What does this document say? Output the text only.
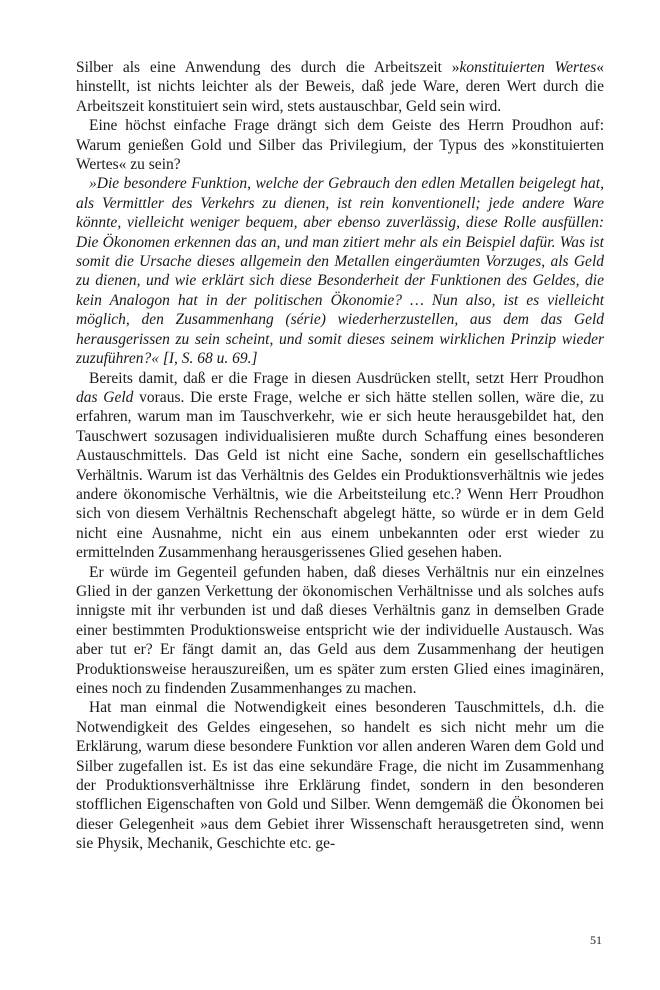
Silber als eine Anwendung des durch die Arbeitszeit »konstituierten Wertes« hinstellt, ist nichts leichter als der Beweis, daß jede Ware, deren Wert durch die Arbeitszeit konstituiert sein wird, stets austauschbar, Geld sein wird.

Eine höchst einfache Frage drängt sich dem Geiste des Herrn Proudhon auf: Warum genießen Gold und Silber das Privilegium, der Typus des »konstituierten Wertes« zu sein?

»Die besondere Funktion, welche der Gebrauch den edlen Metallen beigelegt hat, als Vermittler des Verkehrs zu dienen, ist rein konventionell; jede andere Ware könnte, vielleicht weniger bequem, aber ebenso zuverlässig, diese Rolle ausfüllen: Die Ökonomen erkennen das an, und man zitiert mehr als ein Beispiel dafür. Was ist somit die Ursache dieses allgemein den Metallen eingeräumten Vorzuges, als Geld zu dienen, und wie erklärt sich diese Besonderheit der Funktionen des Geldes, die kein Analogon hat in der politischen Ökonomie? … Nun also, ist es vielleicht möglich, den Zusammenhang (série) wiederherzustellen, aus dem das Geld herausgerissen zu sein scheint, und somit dieses seinem wirklichen Prinzip wieder zuzuführen?« [I, S. 68 u. 69.]

Bereits damit, daß er die Frage in diesen Ausdrücken stellt, setzt Herr Proudhon das Geld voraus. Die erste Frage, welche er sich hätte stellen sollen, wäre die, zu erfahren, warum man im Tauschverkehr, wie er sich heute herausgebildet hat, den Tauschwert sozusagen individualisieren mußte durch Schaffung eines besonderen Austauschmittels. Das Geld ist nicht eine Sache, sondern ein gesellschaftliches Verhältnis. Warum ist das Verhältnis des Geldes ein Produktionsverhältnis wie jedes andere ökonomische Verhältnis, wie die Arbeitsteilung etc.? Wenn Herr Proudhon sich von diesem Verhältnis Rechenschaft abgelegt hätte, so würde er in dem Geld nicht eine Ausnahme, nicht ein aus einem unbekannten oder erst wieder zu ermittelnden Zusammenhang herausgerissenes Glied gesehen haben.

Er würde im Gegenteil gefunden haben, daß dieses Verhältnis nur ein einzelnes Glied in der ganzen Verkettung der ökonomischen Verhältnisse und als solches aufs innigste mit ihr verbunden ist und daß dieses Verhältnis ganz in demselben Grade einer bestimmten Produktionsweise entspricht wie der individuelle Austausch. Was aber tut er? Er fängt damit an, das Geld aus dem Zusammenhang der heutigen Produktionsweise herauszureißen, um es später zum ersten Glied eines imaginären, eines noch zu findenden Zusammenhanges zu machen.

Hat man einmal die Notwendigkeit eines besonderen Tauschmittels, d.h. die Notwendigkeit des Geldes eingesehen, so handelt es sich nicht mehr um die Erklärung, warum diese besondere Funktion vor allen anderen Waren dem Gold und Silber zugefallen ist. Es ist das eine sekundäre Frage, die nicht im Zusammenhang der Produktionsverhältnisse ihre Erklärung findet, sondern in den besonderen stofflichen Eigenschaften von Gold und Silber. Wenn demgemäß die Ökonomen bei dieser Gelegenheit »aus dem Gebiet ihrer Wissenschaft herausgetreten sind, wenn sie Physik, Mechanik, Geschichte etc. ge-

51
